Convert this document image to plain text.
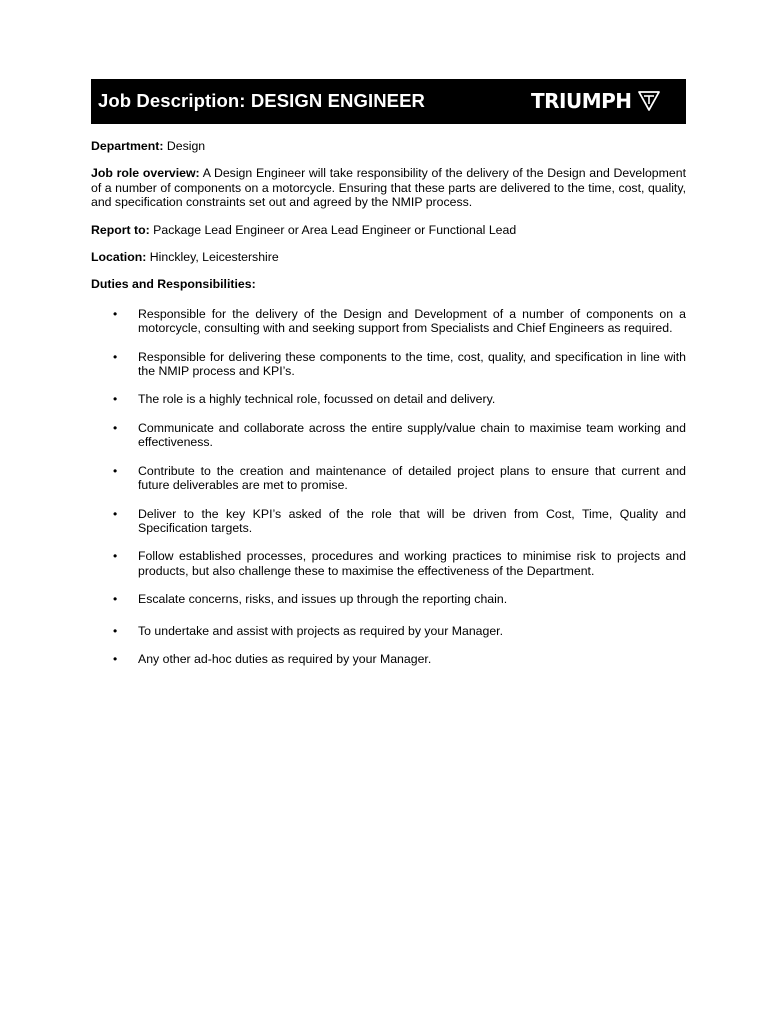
Job Description: DESIGN ENGINEER	TRIUMPH

Department: Design

Job role overview: A Design Engineer will take responsibility of the delivery of the Design and Development of a number of components on a motorcycle. Ensuring that these parts are delivered to the time, cost, quality, and specification constraints set out and agreed by the NMIP process.

Report to: Package Lead Engineer or Area Lead Engineer or Functional Lead

Location: Hinckley, Leicestershire

Duties and Responsibilities:

• Responsible for the delivery of the Design and Development of a number of components on a motorcycle, consulting with and seeking support from Specialists and Chief Engineers as required.
• Responsible for delivering these components to the time, cost, quality, and specification in line with the NMIP process and KPI’s.
• The role is a highly technical role, focussed on detail and delivery.
• Communicate and collaborate across the entire supply/value chain to maximise team working and effectiveness.
• Contribute to the creation and maintenance of detailed project plans to ensure that current and future deliverables are met to promise.
• Deliver to the key KPI’s asked of the role that will be driven from Cost, Time, Quality and Specification targets.
• Follow established processes, procedures and working practices to minimise risk to projects and products, but also challenge these to maximise the effectiveness of the Department.
• Escalate concerns, risks, and issues up through the reporting chain.
• To undertake and assist with projects as required by your Manager.
• Any other ad-hoc duties as required by your Manager.
